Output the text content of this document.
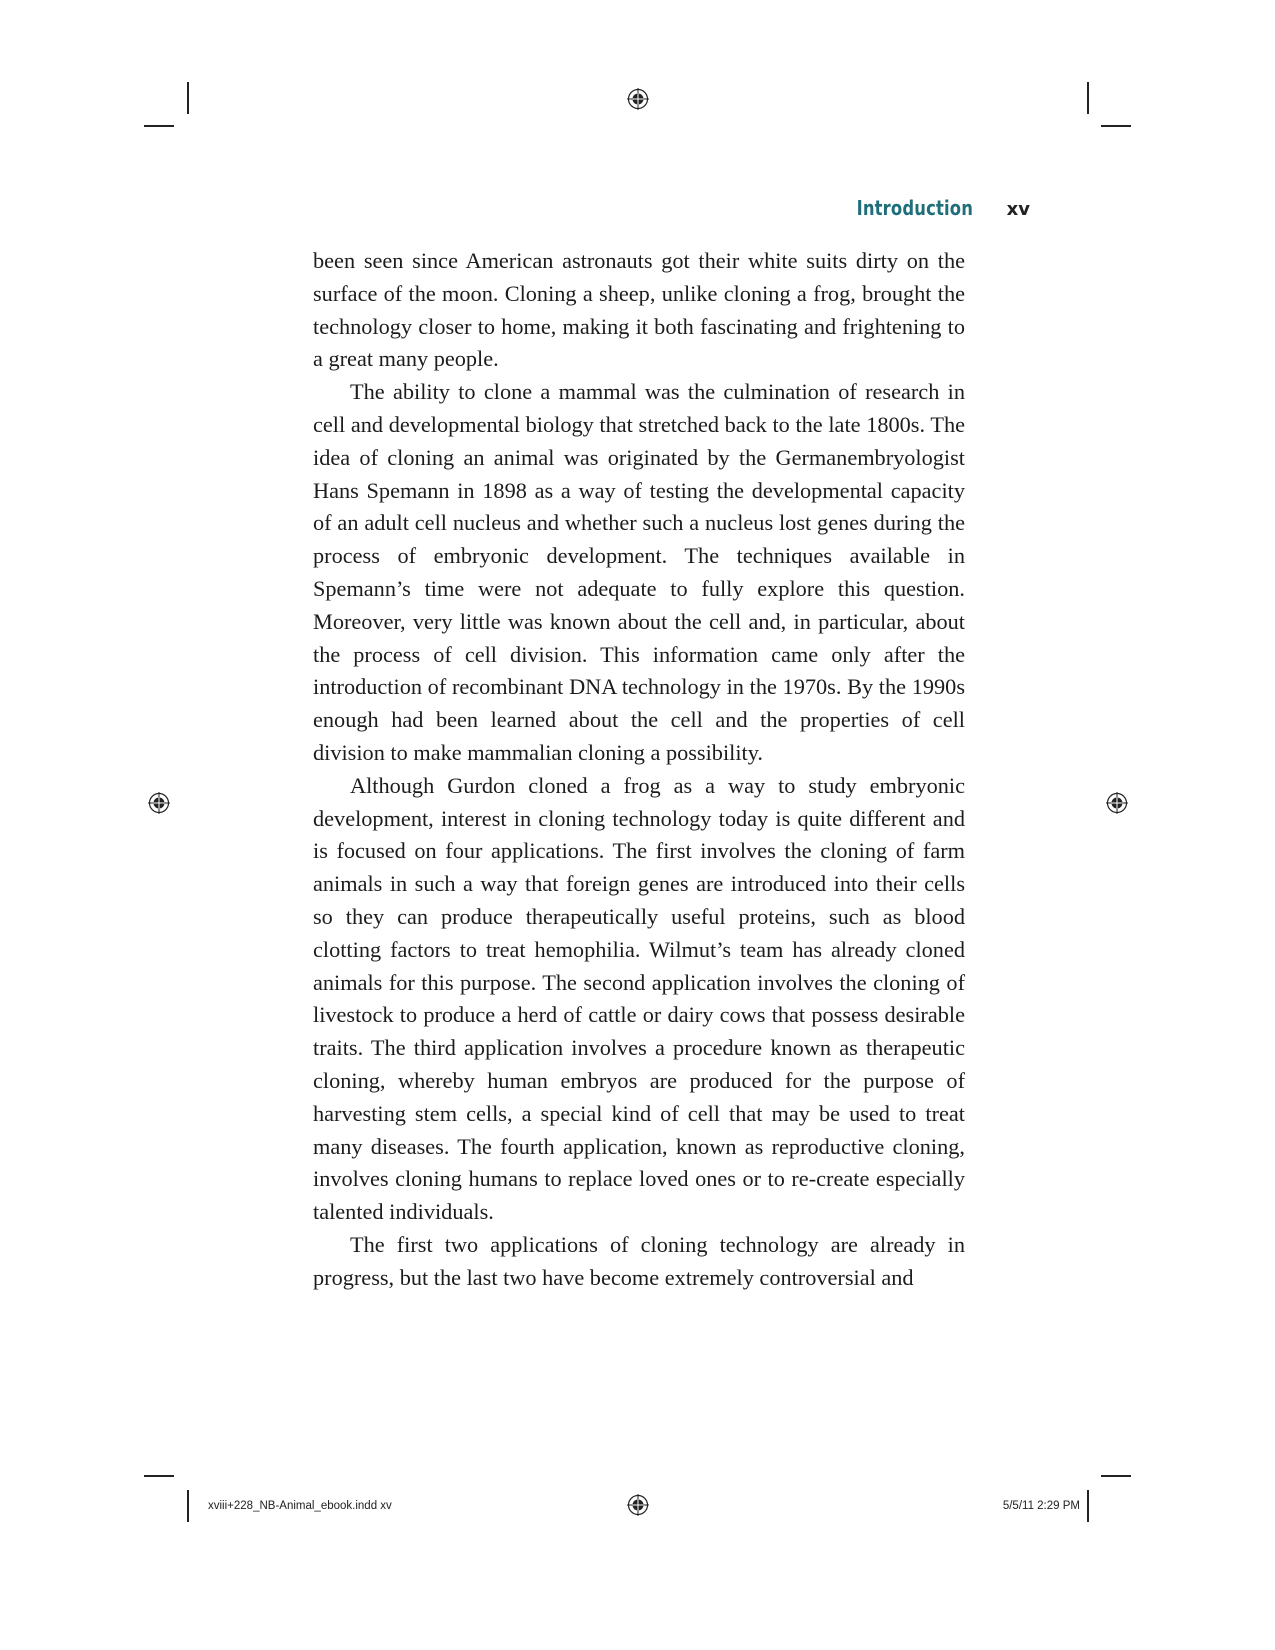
Introduction xv

been seen since American astronauts got their white suits dirty on the surface of the moon. Cloning a sheep, unlike cloning a frog, brought the technology closer to home, making it both fascinating and frightening to a great many people.

The ability to clone a mammal was the culmination of research in cell and developmental biology that stretched back to the late 1800s. The idea of cloning an animal was originated by the Germanembryologist Hans Spemann in 1898 as a way of testing the developmental capacity of an adult cell nucleus and whether such a nucleus lost genes during the process of embryonic development. The techniques available in Spemann’s time were not adequate to fully explore this question. Moreover, very little was known about the cell and, in particular, about the process of cell division. This information came only after the introduction of recombinant DNA technology in the 1970s. By the 1990s enough had been learned about the cell and the properties of cell division to make mammalian cloning a possibility.

Although Gurdon cloned a frog as a way to study embryonic development, interest in cloning technology today is quite different and is focused on four applications. The first involves the cloning of farm animals in such a way that foreign genes are introduced into their cells so they can produce therapeutically useful proteins, such as blood clotting factors to treat hemophilia. Wilmut’s team has already cloned animals for this purpose. The second application involves the cloning of livestock to produce a herd of cattle or dairy cows that possess desirable traits. The third application involves a procedure known as therapeutic cloning, whereby human embryos are produced for the purpose of harvesting stem cells, a special kind of cell that may be used to treat many diseases. The fourth application, known as reproductive cloning, involves cloning humans to replace loved ones or to re-create especially talented individuals.

The first two applications of cloning technology are already in progress, but the last two have become extremely controversial and

xviii+228_NB-Animal_ebook.indd xv	5/5/11 2:29 PM
